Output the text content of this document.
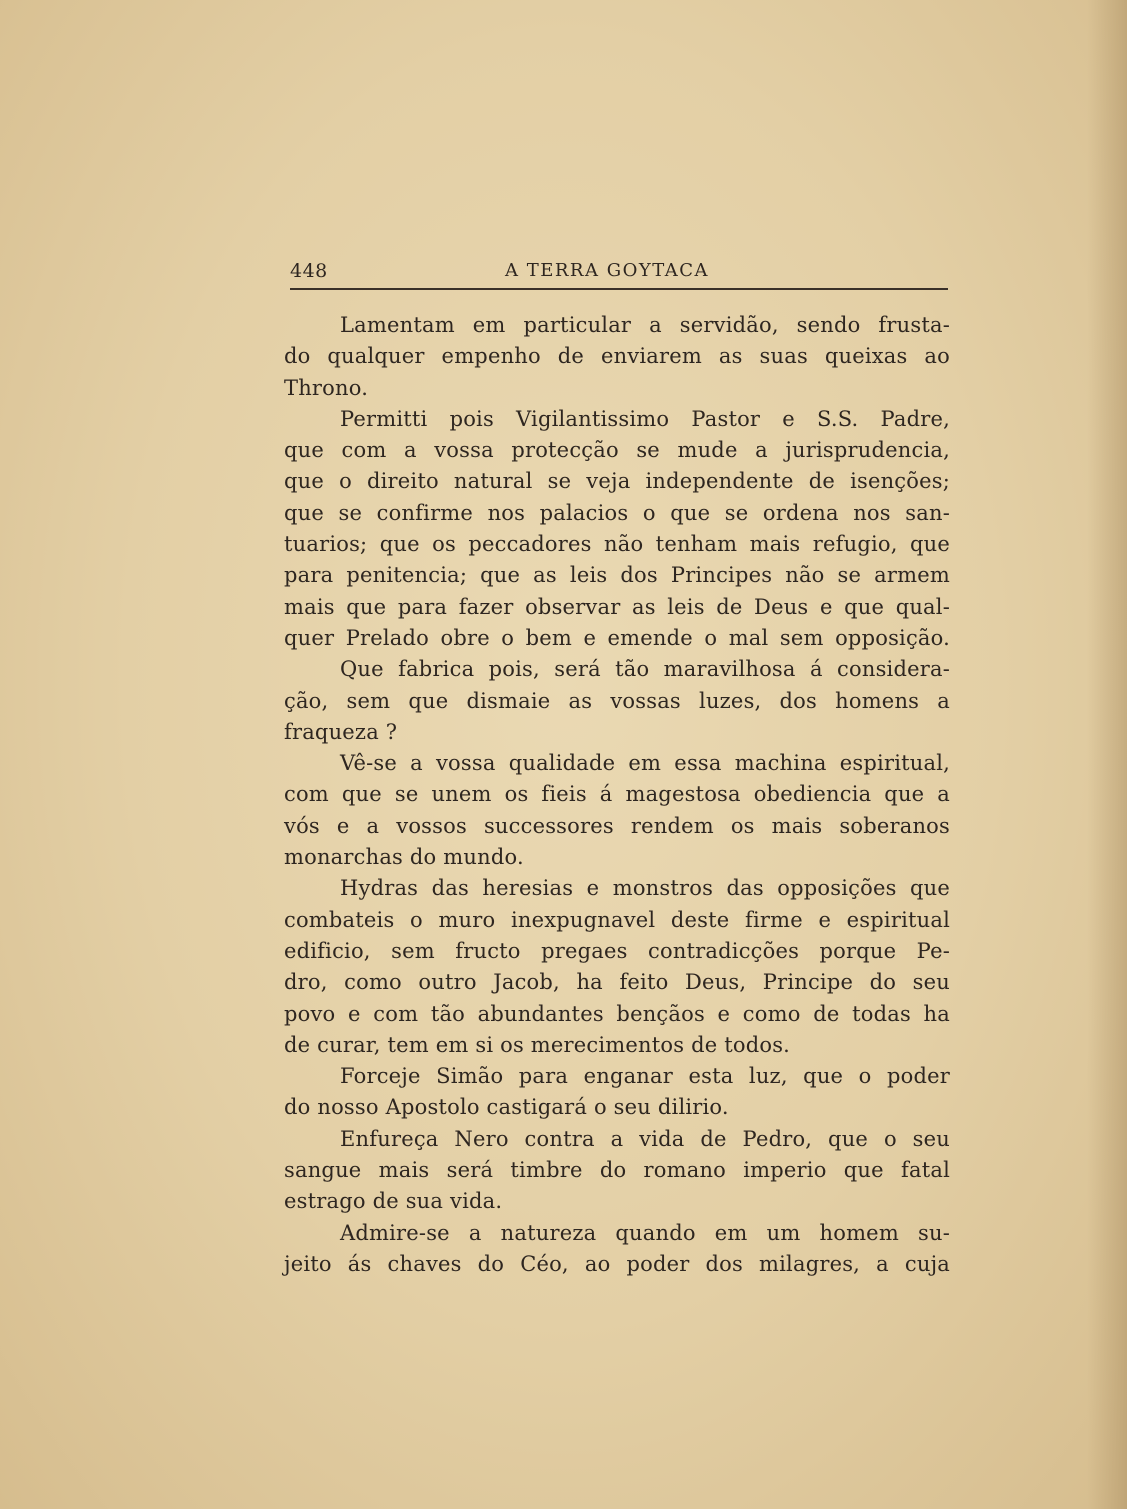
448	A TERRA GOYTACA
Lamentam em particular a servidão, sendo frusta-
do qualquer empenho de enviarem as suas queixas ao
Throno.
Permitti pois Vigilantissimo Pastor e S.S. Padre,
que com a vossa protecção se mude a jurisprudencia,
que o direito natural se veja independente de isenções;
que se confirme nos palacios o que se ordena nos san-
tuarios; que os peccadores não tenham mais refugio, que
para penitencia; que as leis dos Principes não se armem
mais que para fazer observar as leis de Deus e que qual-
quer Prelado obre o bem e emende o mal sem opposição.
Que fabrica pois, será tão maravilhosa á considera-
ção, sem que dismaie as vossas luzes, dos homens a
fraqueza ?
Vê-se a vossa qualidade em essa machina espiritual,
com que se unem os fieis á magestosa obediencia que a
vós e a vossos successores rendem os mais soberanos
monarchas do mundo.
Hydras das heresias e monstros das opposições que
combateis o muro inexpugnavel deste firme e espiritual
edificio, sem fructo pregaes contradicções porque Pe-
dro, como outro Jacob, ha feito Deus, Principe do seu
povo e com tão abundantes bençãos e como de todas ha
de curar, tem em si os merecimentos de todos.
Forceje Simão para enganar esta luz, que o poder
do nosso Apostolo castigará o seu dilirio.
Enfureça Nero contra a vida de Pedro, que o seu
sangue mais será timbre do romano imperio que fatal
estrago de sua vida.
Admire-se a natureza quando em um homem su-
jeito ás chaves do Céo, ao poder dos milagres, a cuja
